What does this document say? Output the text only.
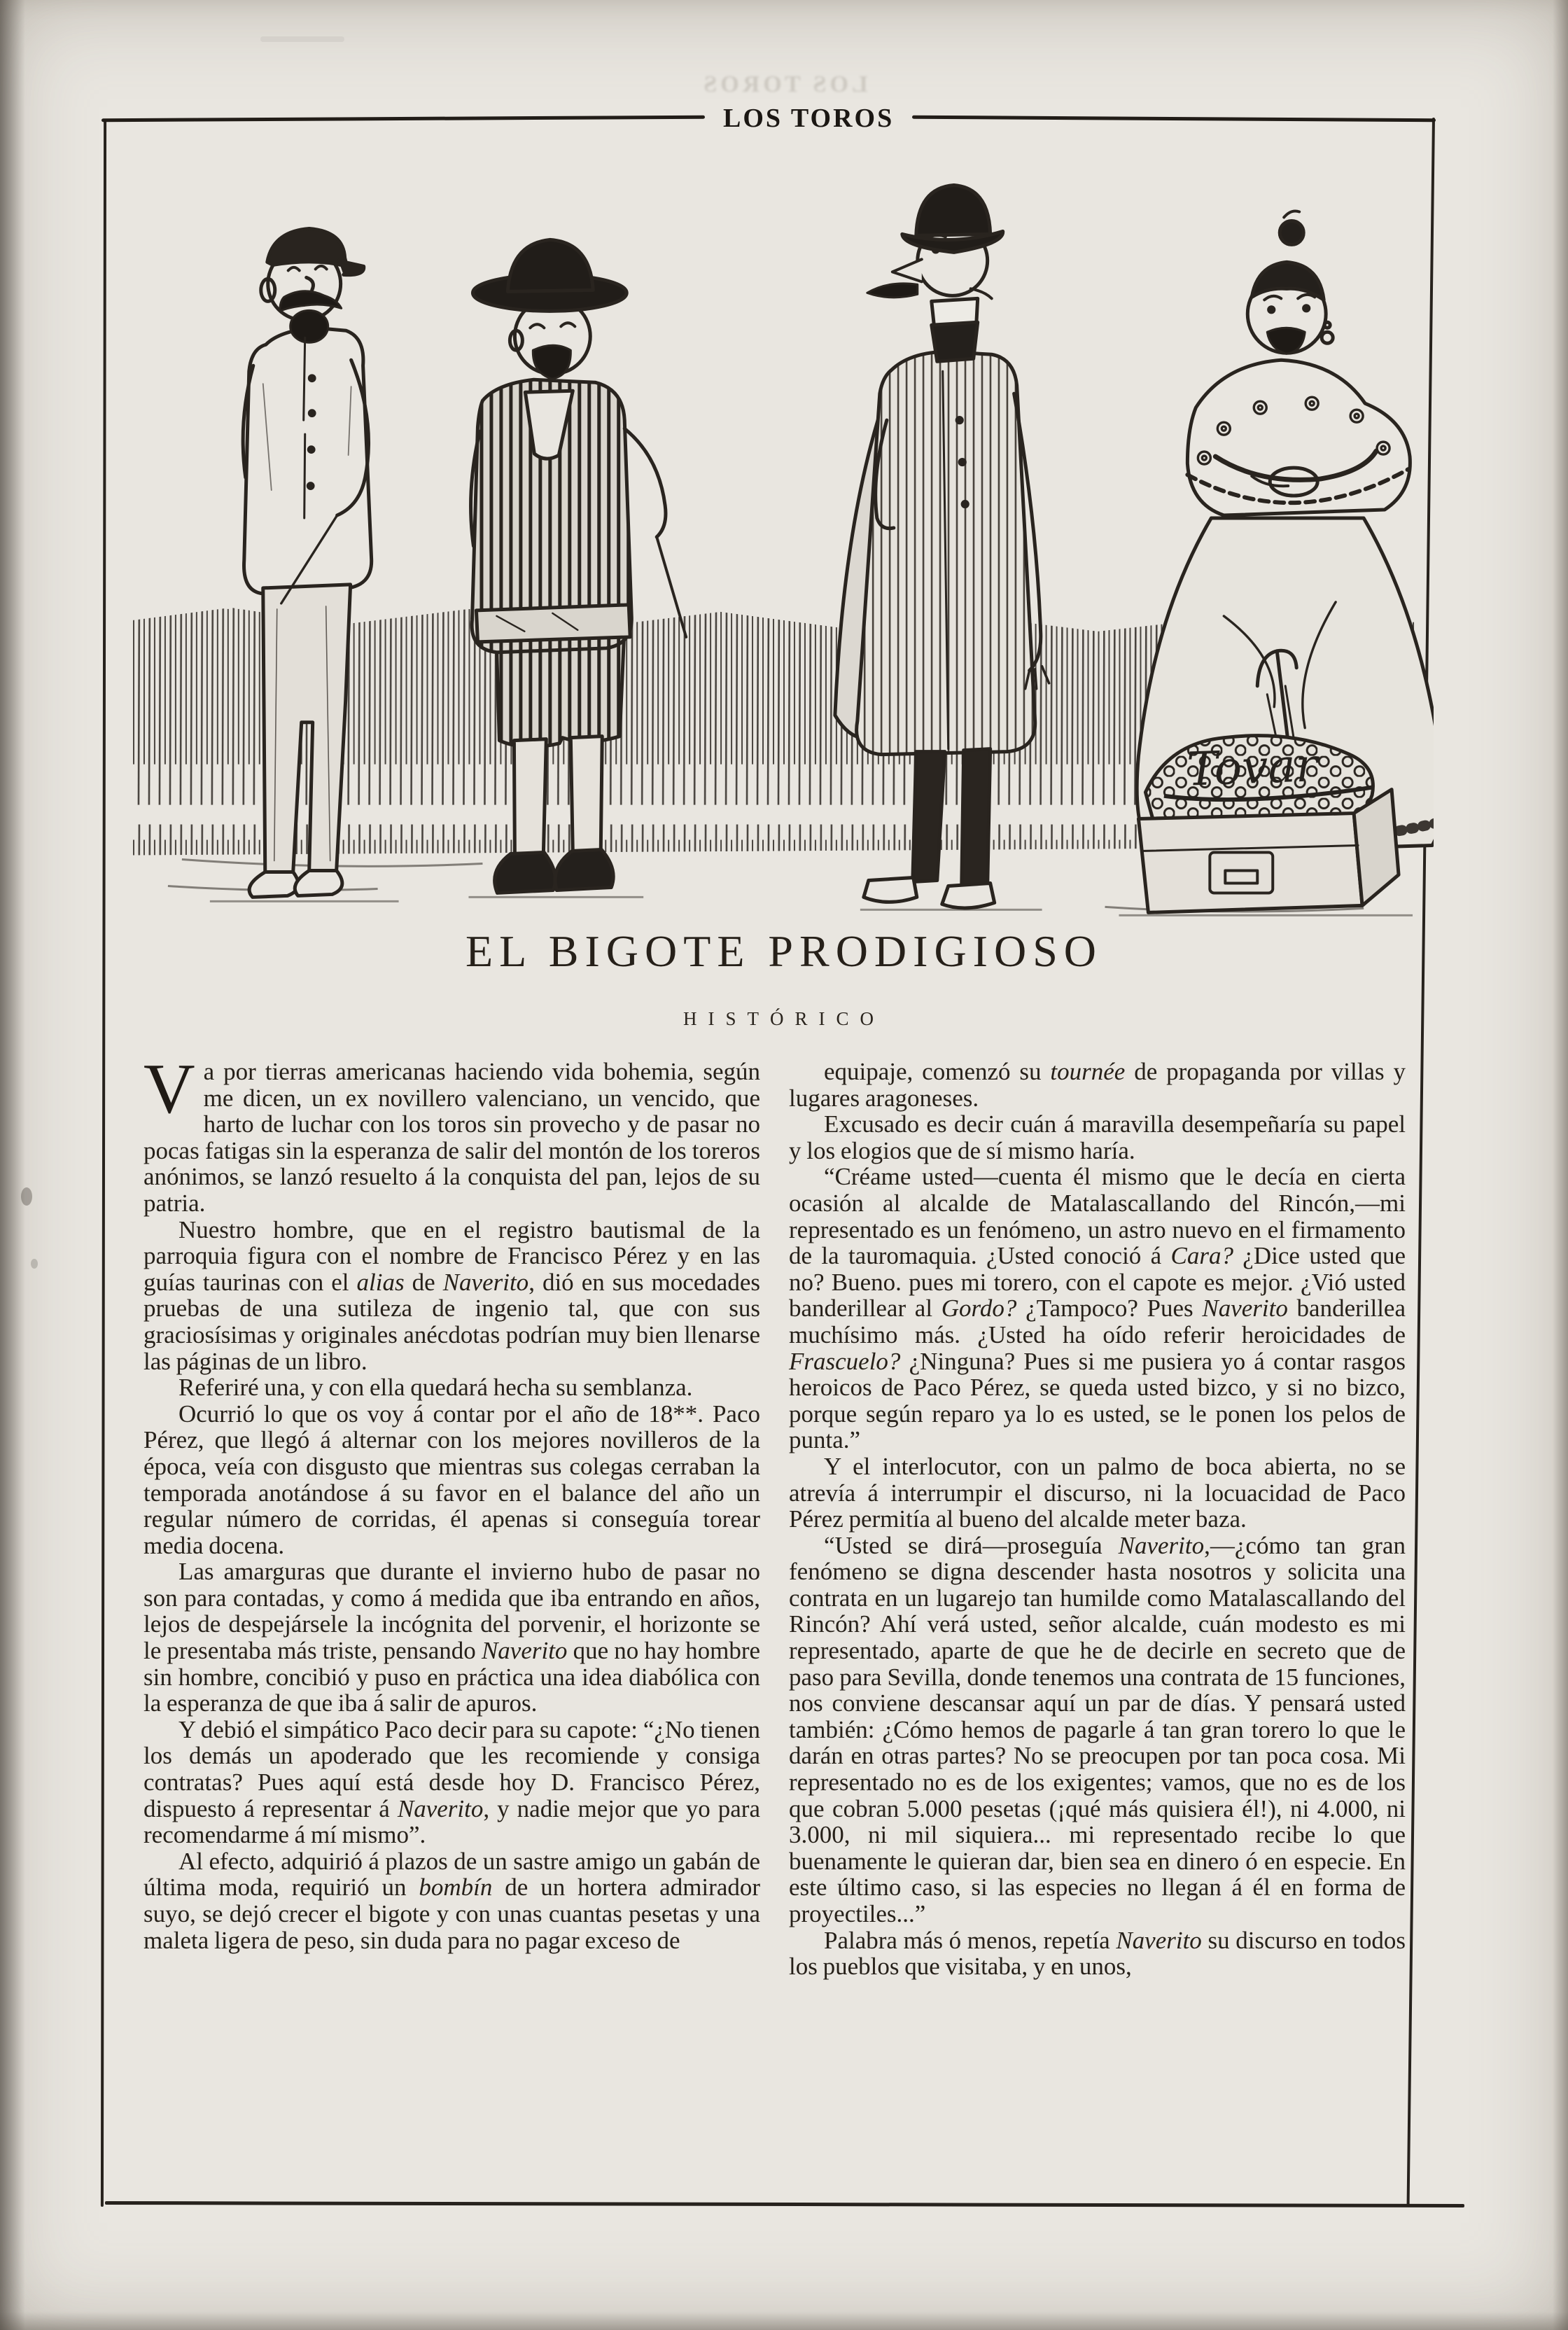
LOS TOROS
LOS TOROS
Tovar
EL BIGOTE PRODIGIOSO
HISTÓRICO

Va por tierras americanas haciendo vida bohemia, según me dicen, un ex novillero valenciano, un vencido, que harto de luchar con los toros sin provecho y de pasar no pocas fatigas sin la esperanza de salir del montón de los toreros anónimos, se lanzó resuelto á la conquista del pan, lejos de su patria.

Nuestro hombre, que en el registro bautismal de la parroquia figura con el nombre de Francisco Pérez y en las guías taurinas con el alias de Naverito, dió en sus mocedades pruebas de una sutileza de ingenio tal, que con sus graciosísimas y originales anécdotas podrían muy bien llenarse las páginas de un libro.

Referiré una, y con ella quedará hecha su semblanza.

Ocurrió lo que os voy á contar por el año de 18**. Paco Pérez, que llegó á alternar con los mejores novilleros de la época, veía con disgusto que mientras sus colegas cerraban la temporada anotándose á su favor en el balance del año un regular número de corridas, él apenas si conseguía torear media docena.

Las amarguras que durante el invierno hubo de pasar no son para contadas, y como á medida que iba entrando en años, lejos de despejársele la incógnita del porvenir, el horizonte se le presentaba más triste, pensando Naverito que no hay hombre sin hombre, concibió y puso en práctica una idea diabólica con la esperanza de que iba á salir de apuros.

Y debió el simpático Paco decir para su capote: “¿No tienen los demás un apoderado que les recomiende y consiga contratas? Pues aquí está desde hoy D. Francisco Pérez, dispuesto á representar á Naverito, y nadie mejor que yo para recomendarme á mí mismo”.

Al efecto, adquirió á plazos de un sastre amigo un gabán de última moda, requirió un bombín de un hortera admirador suyo, se dejó crecer el bigote y con unas cuantas pesetas y una maleta ligera de peso, sin duda para no pagar exceso de

equipaje, comenzó su tournée de propaganda por villas y lugares aragoneses.

Excusado es decir cuán á maravilla desempeñaría su papel y los elogios que de sí mismo haría.

“Créame usted—cuenta él mismo que le decía en cierta ocasión al alcalde de Matalascallando del Rincón,—mi representado es un fenómeno, un astro nuevo en el firmamento de la tauromaquia. ¿Usted conoció á Cara? ¿Dice usted que no? Bueno. pues mi torero, con el capote es mejor. ¿Vió usted banderillear al Gordo? ¿Tampoco? Pues Naverito banderillea muchísimo más. ¿Usted ha oído referir heroicidades de Frascuelo? ¿Ninguna? Pues si me pusiera yo á contar rasgos heroicos de Paco Pérez, se queda usted bizco, y si no bizco, porque según reparo ya lo es usted, se le ponen los pelos de punta.”

Y el interlocutor, con un palmo de boca abierta, no se atrevía á interrumpir el discurso, ni la locuacidad de Paco Pérez permitía al bueno del alcalde meter baza.

“Usted se dirá—proseguía Naverito,—¿cómo tan gran fenómeno se digna descender hasta nosotros y solicita una contrata en un lugarejo tan humilde como Matalascallando del Rincón? Ahí verá usted, señor alcalde, cuán modesto es mi representado, aparte de que he de decirle en secreto que de paso para Sevilla, donde tenemos una contrata de 15 funciones, nos conviene descansar aquí un par de días. Y pensará usted también: ¿Cómo hemos de pagarle á tan gran torero lo que le darán en otras partes? No se preocupen por tan poca cosa. Mi representado no es de los exigentes; vamos, que no es de los que cobran 5.000 pesetas (¡qué más quisiera él!), ni 4.000, ni 3.000, ni mil siquiera... mi representado recibe lo que buenamente le quieran dar, bien sea en dinero ó en especie. En este último caso, si las especies no llegan á él en forma de proyectiles...”

Palabra más ó menos, repetía Naverito su discurso en todos los pueblos que visitaba, y en unos,
